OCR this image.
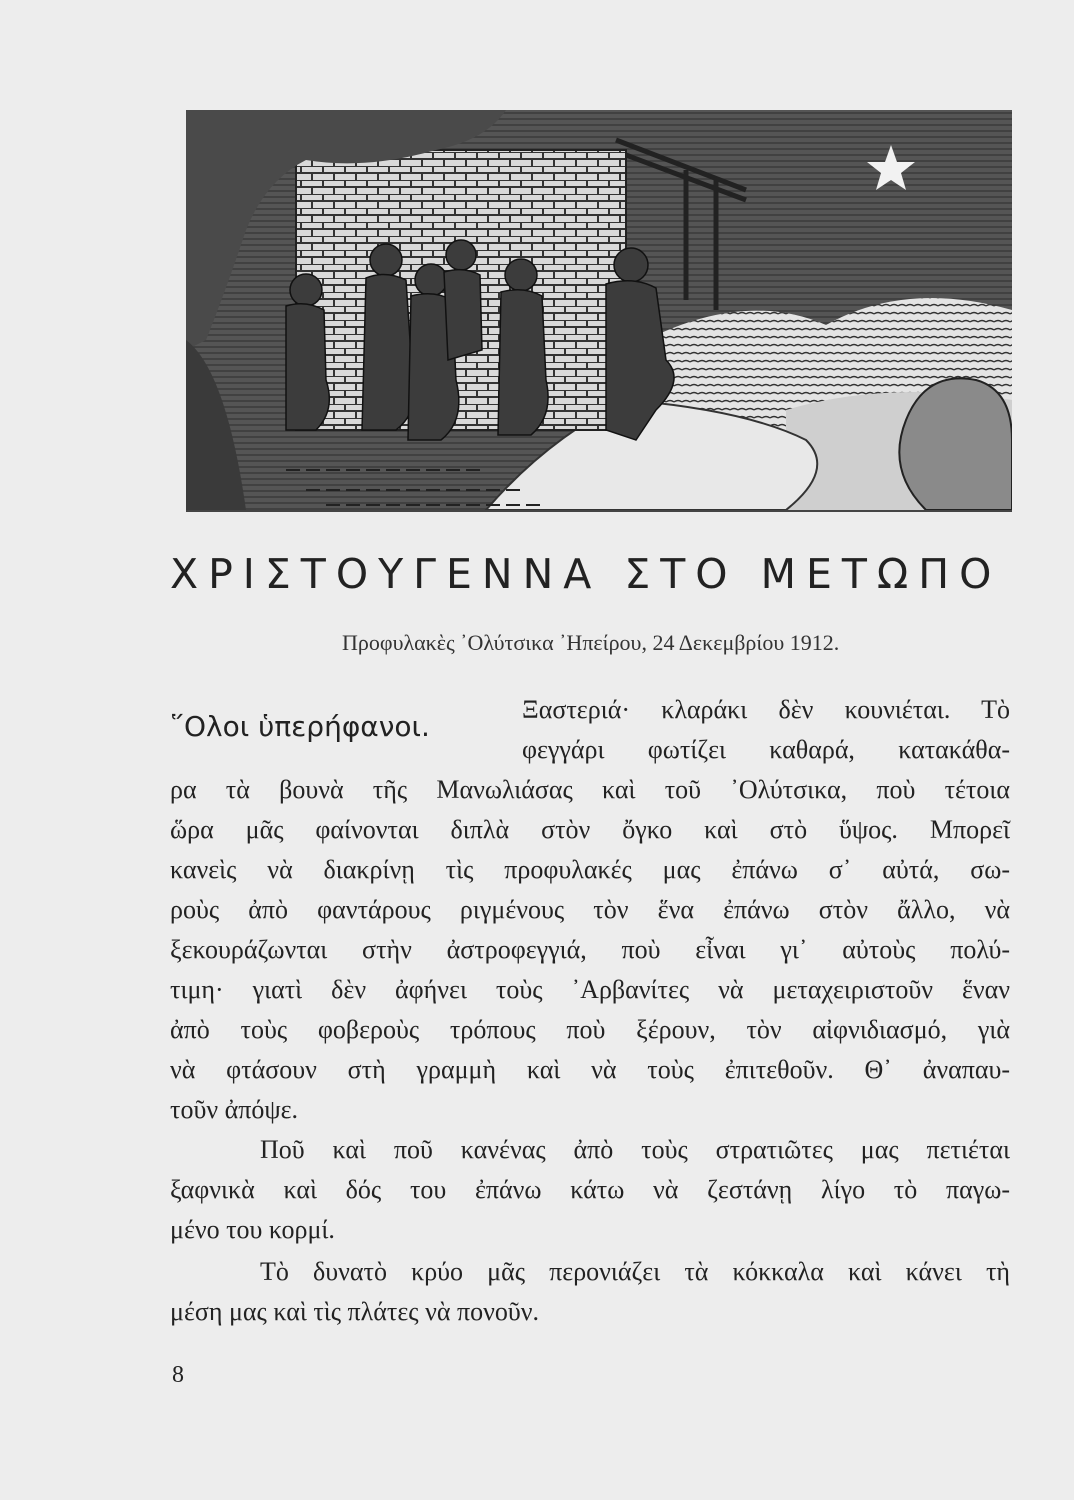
ΧΡΙΣΤΟΥΓΕΝΝΑ ΣΤΟ ΜΕΤΩΠΟ
Προφυλακὲς ᾿Ολύτσικα ᾿Ηπείρου, 24 Δεκεμβρίου 1912.
῞Ολοι ὑπερήφανοι.
Ξαστεριά· κλαράκι δὲν κουνιέται. Τὸ
φεγγάρι φωτίζει καθαρά, κατακάθα-
ρα τὰ βουνὰ τῆς Μανωλιάσας καὶ τοῦ ᾿Ολύτσικα, ποὺ τέτοια
ὥρα μᾶς φαίνονται διπλὰ στὸν ὄγκο καὶ στὸ ὕψος. Μπορεῖ
κανεὶς νὰ διακρίνῃ τὶς προφυλακές μας ἐπάνω σ᾿ αὐτά, σω-
ροὺς ἀπὸ φαντάρους ριγμένους τὸν ἕνα ἐπάνω στὸν ἄλλο, νὰ
ξεκουράζωνται στὴν ἀστροφεγγιά, ποὺ εἶναι γι᾿ αὐτοὺς πολύ-
τιμη· γιατὶ δὲν ἀφήνει τοὺς ᾿Αρβανίτες νὰ μεταχειριστοῦν ἕναν
ἀπὸ τοὺς φοβεροὺς τρόπους ποὺ ξέρουν, τὸν αἰφνιδιασμό, γιὰ
νὰ φτάσουν στὴ γραμμὴ καὶ νὰ τοὺς ἐπιτεθοῦν. Θ᾿ ἀναπαυ-
τοῦν ἀπόψε.
Ποῦ καὶ ποῦ κανένας ἀπὸ τοὺς στρατιῶτες μας πετιέται
ξαφνικὰ καὶ δός του ἐπάνω κάτω νὰ ζεστάνῃ λίγο τὸ παγω-
μένο του κορμί.
Τὸ δυνατὸ κρύο μᾶς περονιάζει τὰ κόκκαλα καὶ κάνει τὴ
μέση μας καὶ τὶς πλάτες νὰ πονοῦν.
8
